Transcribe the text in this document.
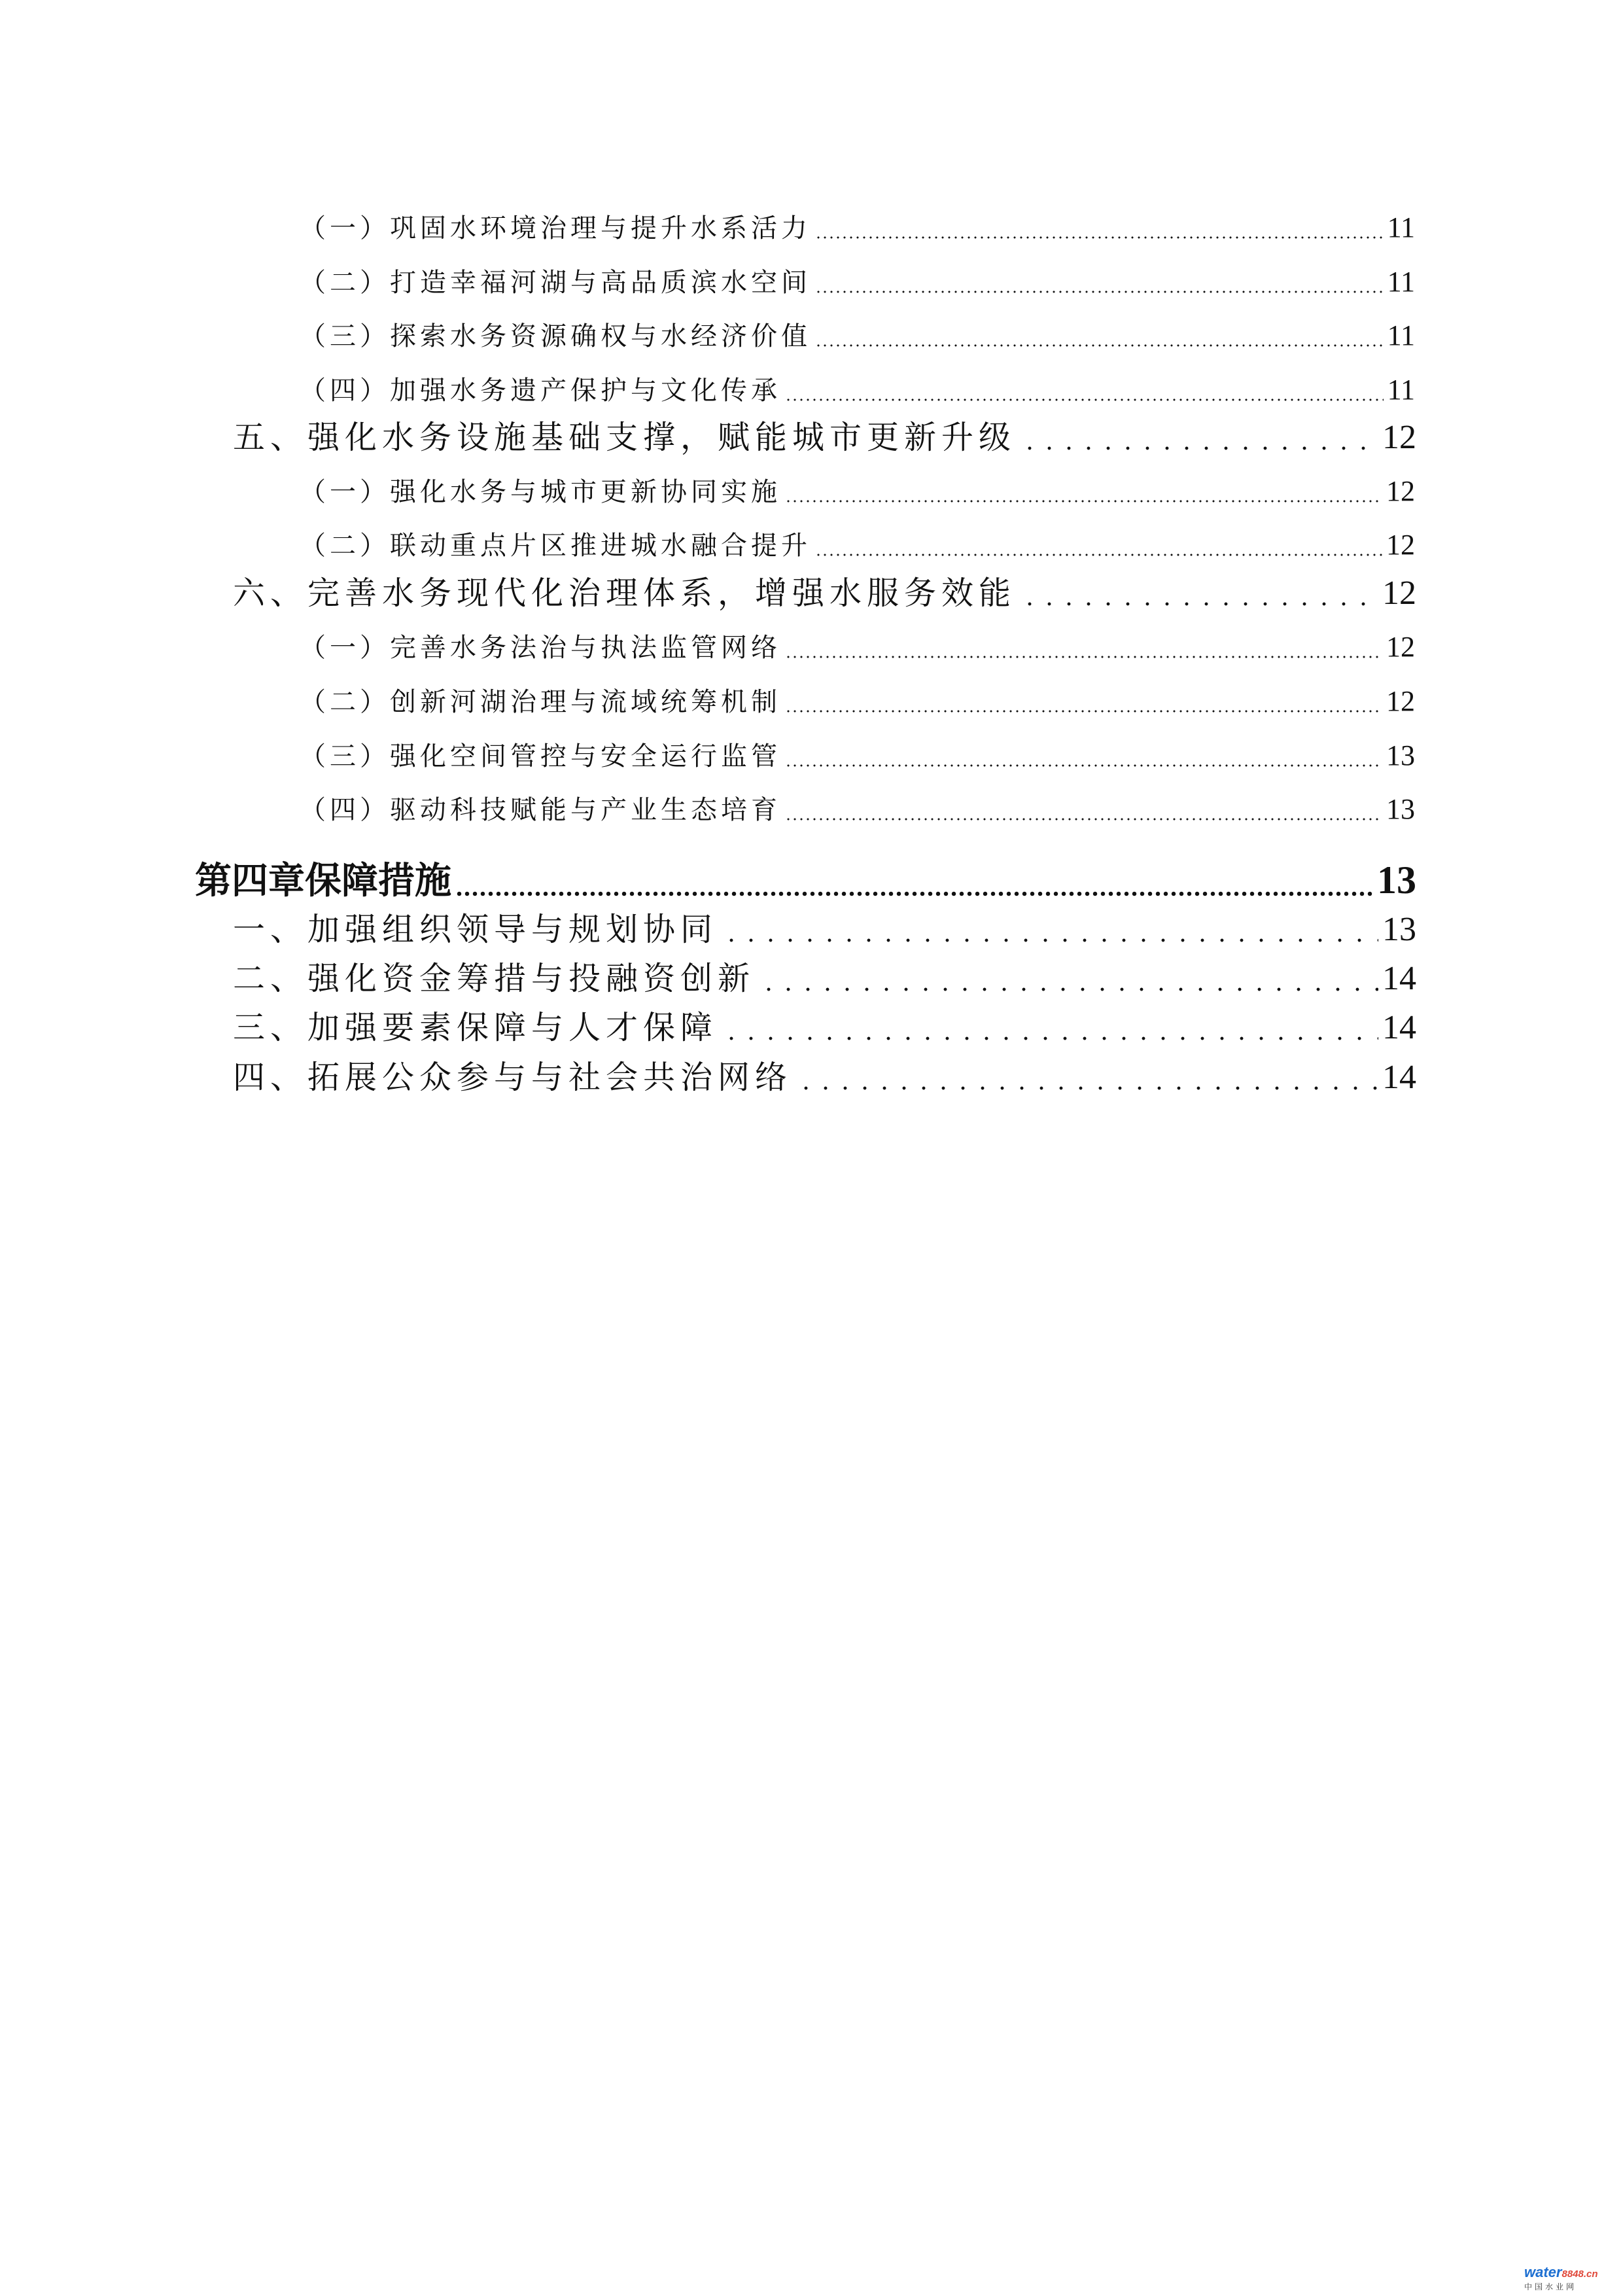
（一）巩固水环境治理与提升水系活力	11
（二）打造幸福河湖与高品质滨水空间	11
（三）探索水务资源确权与水经济价值	11
（四）加强水务遗产保护与文化传承	11
五、强化水务设施基础支撑，赋能城市更新升级	12
（一）强化水务与城市更新协同实施	12
（二）联动重点片区推进城水融合提升	12
六、完善水务现代化治理体系，增强水服务效能	12
（一）完善水务法治与执法监管网络	12
（二）创新河湖治理与流域统筹机制	12
（三）强化空间管控与安全运行监管	13
（四）驱动科技赋能与产业生态培育	13
第四章保障措施	13
一、加强组织领导与规划协同	13
二、强化资金筹措与投融资创新	14
三、加强要素保障与人才保障	14
四、拓展公众参与与社会共治网络	14
water8848.cn
中国水业网
